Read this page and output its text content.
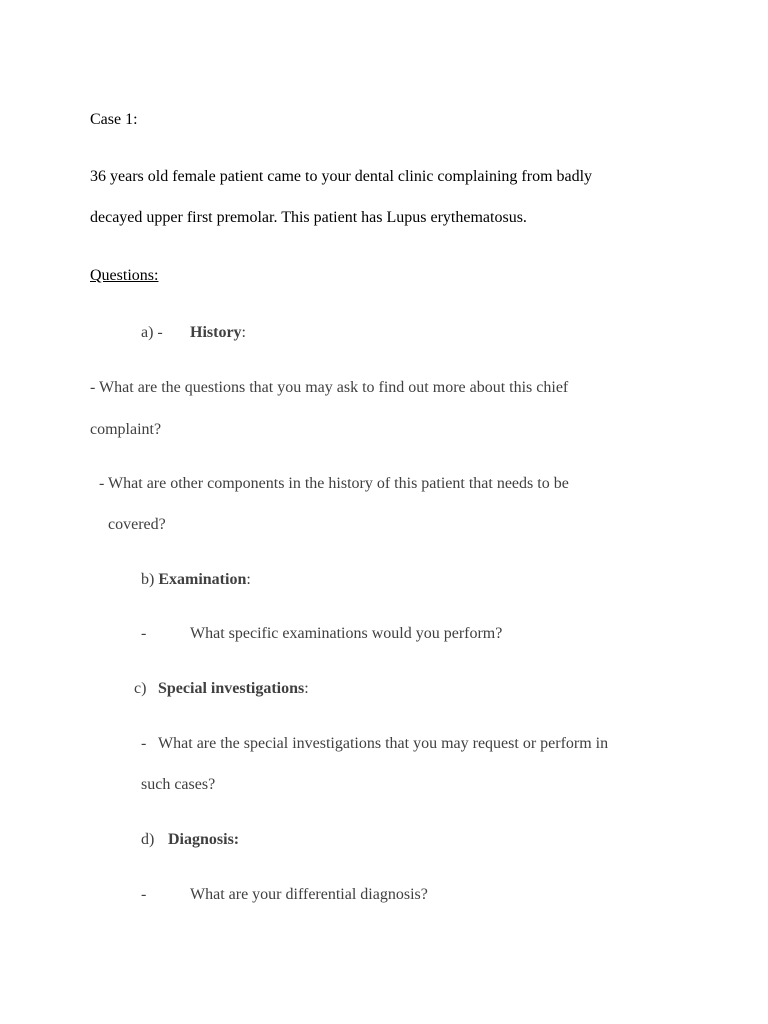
Case 1:
36 years old female patient came to your dental clinic complaining from badly
decayed upper first premolar. This patient has Lupus erythematosus.
Questions:
a) - History:
- What are the questions that you may ask to find out more about this chief
complaint?
- What are other components in the history of this patient that needs to be
covered?
b) Examination:
-	What specific examinations would you perform?
c) Special investigations:
-   What are the special investigations that you may request or perform in
such cases?
d) Diagnosis:
-	What are your differential diagnosis?
